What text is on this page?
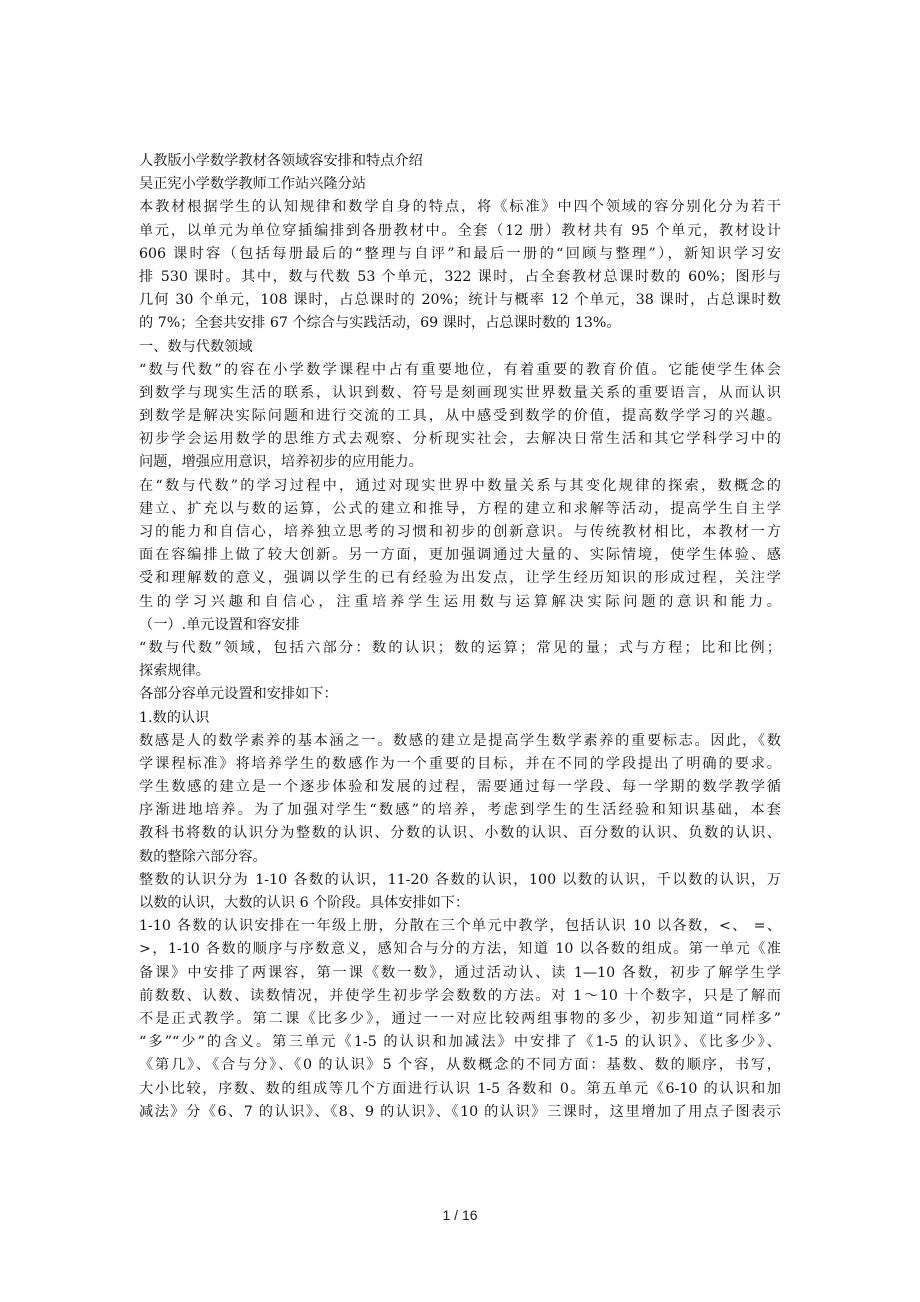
人教版小学数学教材各领域容安排和特点介绍
吴正宪小学数学教师工作站兴隆分站
本教材根据学生的认知规律和数学自身的特点，将《标准》中四个领域的容分别化分为若干
单元，以单元为单位穿插编排到各册教材中。全套（12 册）教材共有 95 个单元，教材设计
606 课时容（包括每册最后的“整理与自评”和最后一册的“回顾与整理”），新知识学习安
排 530 课时。其中，数与代数 53 个单元，322 课时，占全套教材总课时数的 60%；图形与
几何 30 个单元，108 课时，占总课时的 20%；统计与概率 12 个单元，38 课时，占总课时数
的 7%；全套共安排 67 个综合与实践活动，69 课时，占总课时数的 13%。
一、数与代数领域
“数与代数”的容在小学数学课程中占有重要地位，有着重要的教育价值。它能使学生体会
到数学与现实生活的联系，认识到数、符号是刻画现实世界数量关系的重要语言，从而认识
到数学是解决实际问题和进行交流的工具，从中感受到数学的价值，提高数学学习的兴趣。
初步学会运用数学的思维方式去观察、分析现实社会，去解决日常生活和其它学科学习中的
问题，增强应用意识，培养初步的应用能力。
在“数与代数”的学习过程中，通过对现实世界中数量关系与其变化规律的探索，数概念的
建立、扩充以与数的运算，公式的建立和推导，方程的建立和求解等活动，提高学生自主学
习的能力和自信心，培养独立思考的习惯和初步的创新意识。与传统教材相比，本教材一方
面在容编排上做了较大创新。另一方面，更加强调通过大量的、实际情境，使学生体验、感
受和理解数的意义，强调以学生的已有经验为出发点，让学生经历知识的形成过程，关注学
生的学习兴趣和自信心，注重培养学生运用数与运算解决实际问题的意识和能力。
（一）.单元设置和容安排
“数与代数”领域，包括六部分：数的认识；数的运算；常见的量；式与方程；比和比例；
探索规律。
各部分容单元设置和安排如下：
1.数的认识
数感是人的数学素养的基本涵之一。数感的建立是提高学生数学素养的重要标志。因此，《数
学课程标准》将培养学生的数感作为一个重要的目标，并在不同的学段提出了明确的要求。
学生数感的建立是一个逐步体验和发展的过程，需要通过每一学段、每一学期的数学教学循
序渐进地培养。为了加强对学生“数感”的培养，考虑到学生的生活经验和知识基础，本套
教科书将数的认识分为整数的认识、分数的认识、小数的认识、百分数的认识、负数的认识、
数的整除六部分容。
整数的认识分为 1-10 各数的认识，11-20 各数的认识，100 以数的认识，千以数的认识，万
以数的认识，大数的认识 6 个阶段。具体安排如下：
1-10 各数的认识安排在一年级上册，分散在三个单元中教学，包括认识 10 以各数，<、 =、
>，1-10 各数的顺序与序数意义，感知合与分的方法，知道 10 以各数的组成。第一单元《准
备课》中安排了两课容，第一课《数一数》，通过活动认、读 1—10 各数，初步了解学生学
前数数、认数、读数情况，并使学生初步学会数数的方法。对 1～10 十个数字，只是了解而
不是正式教学。第二课《比多少》，通过一一对应比较两组事物的多少，初步知道“同样多”
“多”“少”的含义。第三单元《1-5 的认识和加减法》中安排了《1-5 的认识》、《比多少》、
《第几》、《合与分》、《0 的认识》5 个容，从数概念的不同方面：基数、数的顺序，书写，
大小比较，序数、数的组成等几个方面进行认识 1-5 各数和 0。第五单元《6-10 的认识和加
减法》分《6、7 的认识》、《8、9 的认识》、《10 的认识》三课时，这里增加了用点子图表示
1 / 16
